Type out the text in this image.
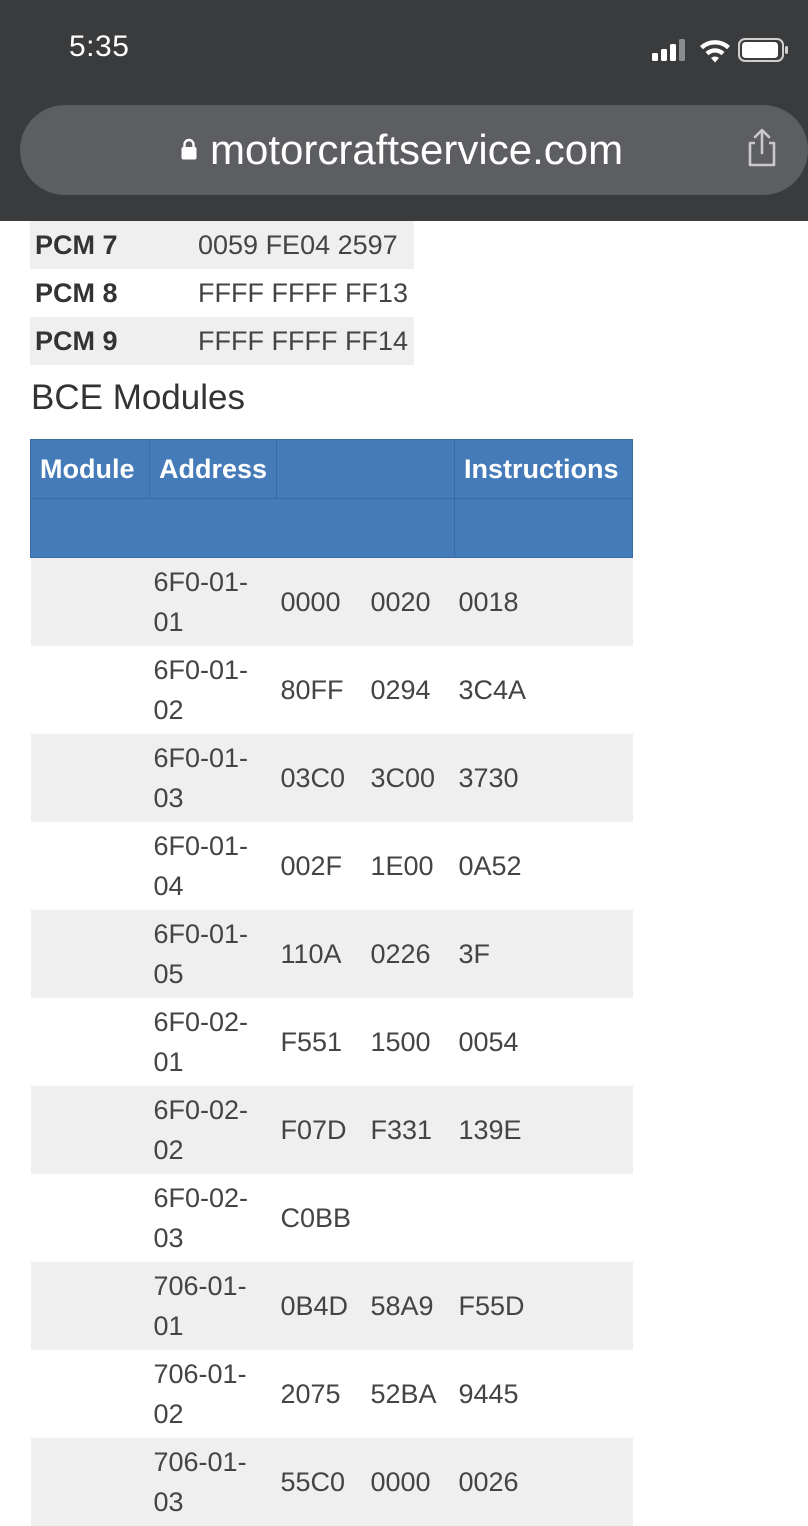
5:35
motorcraftservice.com
PCM 7	0059 FE04 2597
PCM 8	FFFF FFFF FF13
PCM 9	FFFF FFFF FF14
BCE Modules
Module	Address			Instructions

	6F0-01-
01	0000	0020	0018
	6F0-01-
02	80FF	0294	3C4A
	6F0-01-
03	03C0	3C00	3730
	6F0-01-
04	002F	1E00	0A52
	6F0-01-
05	110A	0226	3F
	6F0-02-
01	F551	1500	0054
	6F0-02-
02	F07D	F331	139E
	6F0-02-
03	C0BB		
	706-01-
01	0B4D	58A9	F55D
	706-01-
02	2075	52BA	9445
	706-01-
03	55C0	0000	0026
